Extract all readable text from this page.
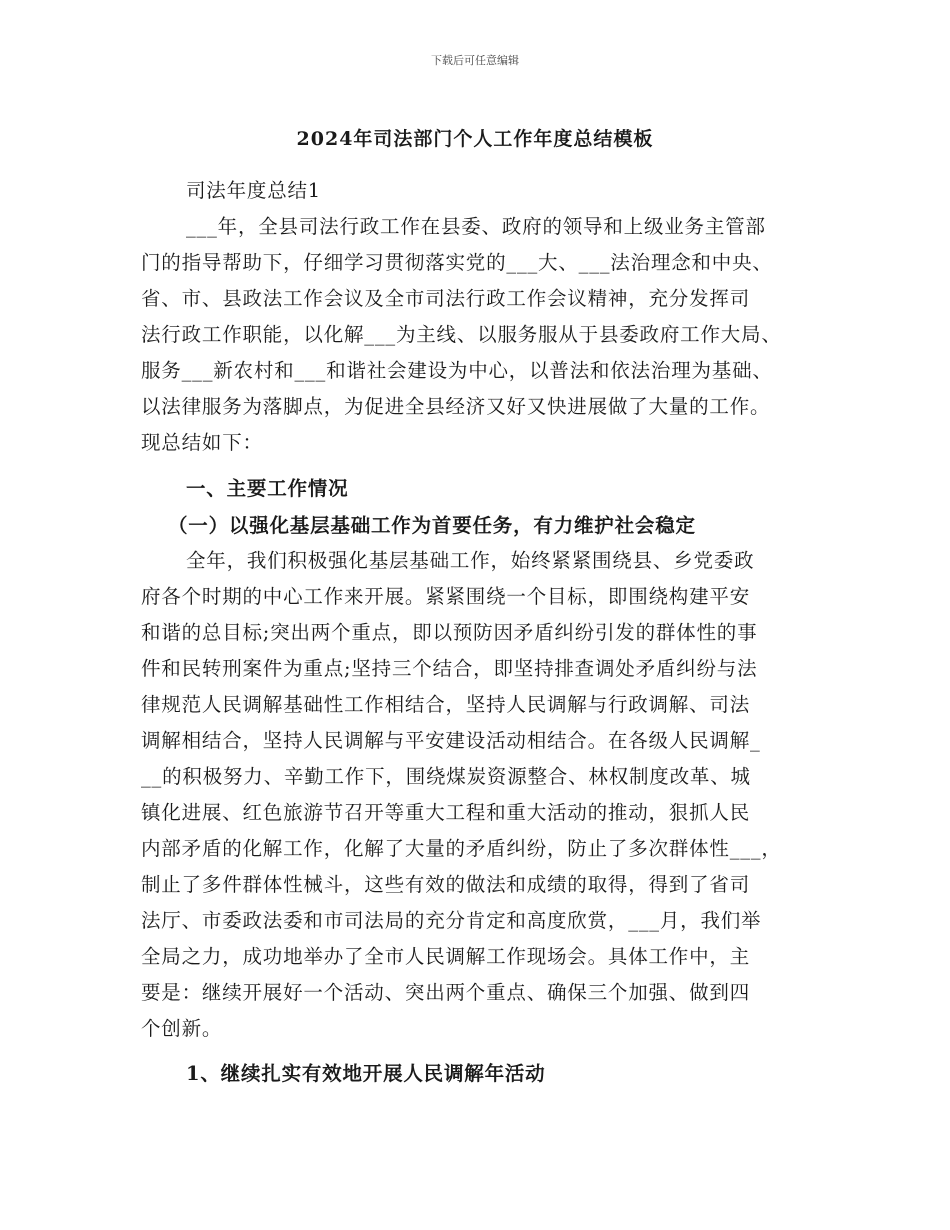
下载后可任意编辑
2024年司法部门个人工作年度总结模板
司法年度总结1
___年，全县司法行政工作在县委、政府的领导和上级业务主管部
门的指导帮助下，仔细学习贯彻落实党的___大、___法治理念和中央、
省、市、县政法工作会议及全市司法行政工作会议精神，充分发挥司
法行政工作职能，以化解___为主线、以服务服从于县委政府工作大局、
服务___新农村和___和谐社会建设为中心，以普法和依法治理为基础、
以法律服务为落脚点，为促进全县经济又好又快进展做了大量的工作。
现总结如下：
一、主要工作情况
（一）以强化基层基础工作为首要任务，有力维护社会稳定
全年，我们积极强化基层基础工作，始终紧紧围绕县、乡党委政
府各个时期的中心工作来开展。紧紧围绕一个目标，即围绕构建平安
和谐的总目标;突出两个重点，即以预防因矛盾纠纷引发的群体性的事
件和民转刑案件为重点;坚持三个结合，即坚持排查调处矛盾纠纷与法
律规范人民调解基础性工作相结合，坚持人民调解与行政调解、司法
调解相结合，坚持人民调解与平安建设活动相结合。在各级人民调解_
__的积极努力、辛勤工作下，围绕煤炭资源整合、林权制度改革、城
镇化进展、红色旅游节召开等重大工程和重大活动的推动，狠抓人民
内部矛盾的化解工作，化解了大量的矛盾纠纷，防止了多次群体性___，
制止了多件群体性械斗，这些有效的做法和成绩的取得，得到了省司
法厅、市委政法委和市司法局的充分肯定和高度欣赏，___月，我们举
全局之力，成功地举办了全市人民调解工作现场会。具体工作中，主
要是：继续开展好一个活动、突出两个重点、确保三个加强、做到四
个创新。
1、继续扎实有效地开展人民调解年活动
